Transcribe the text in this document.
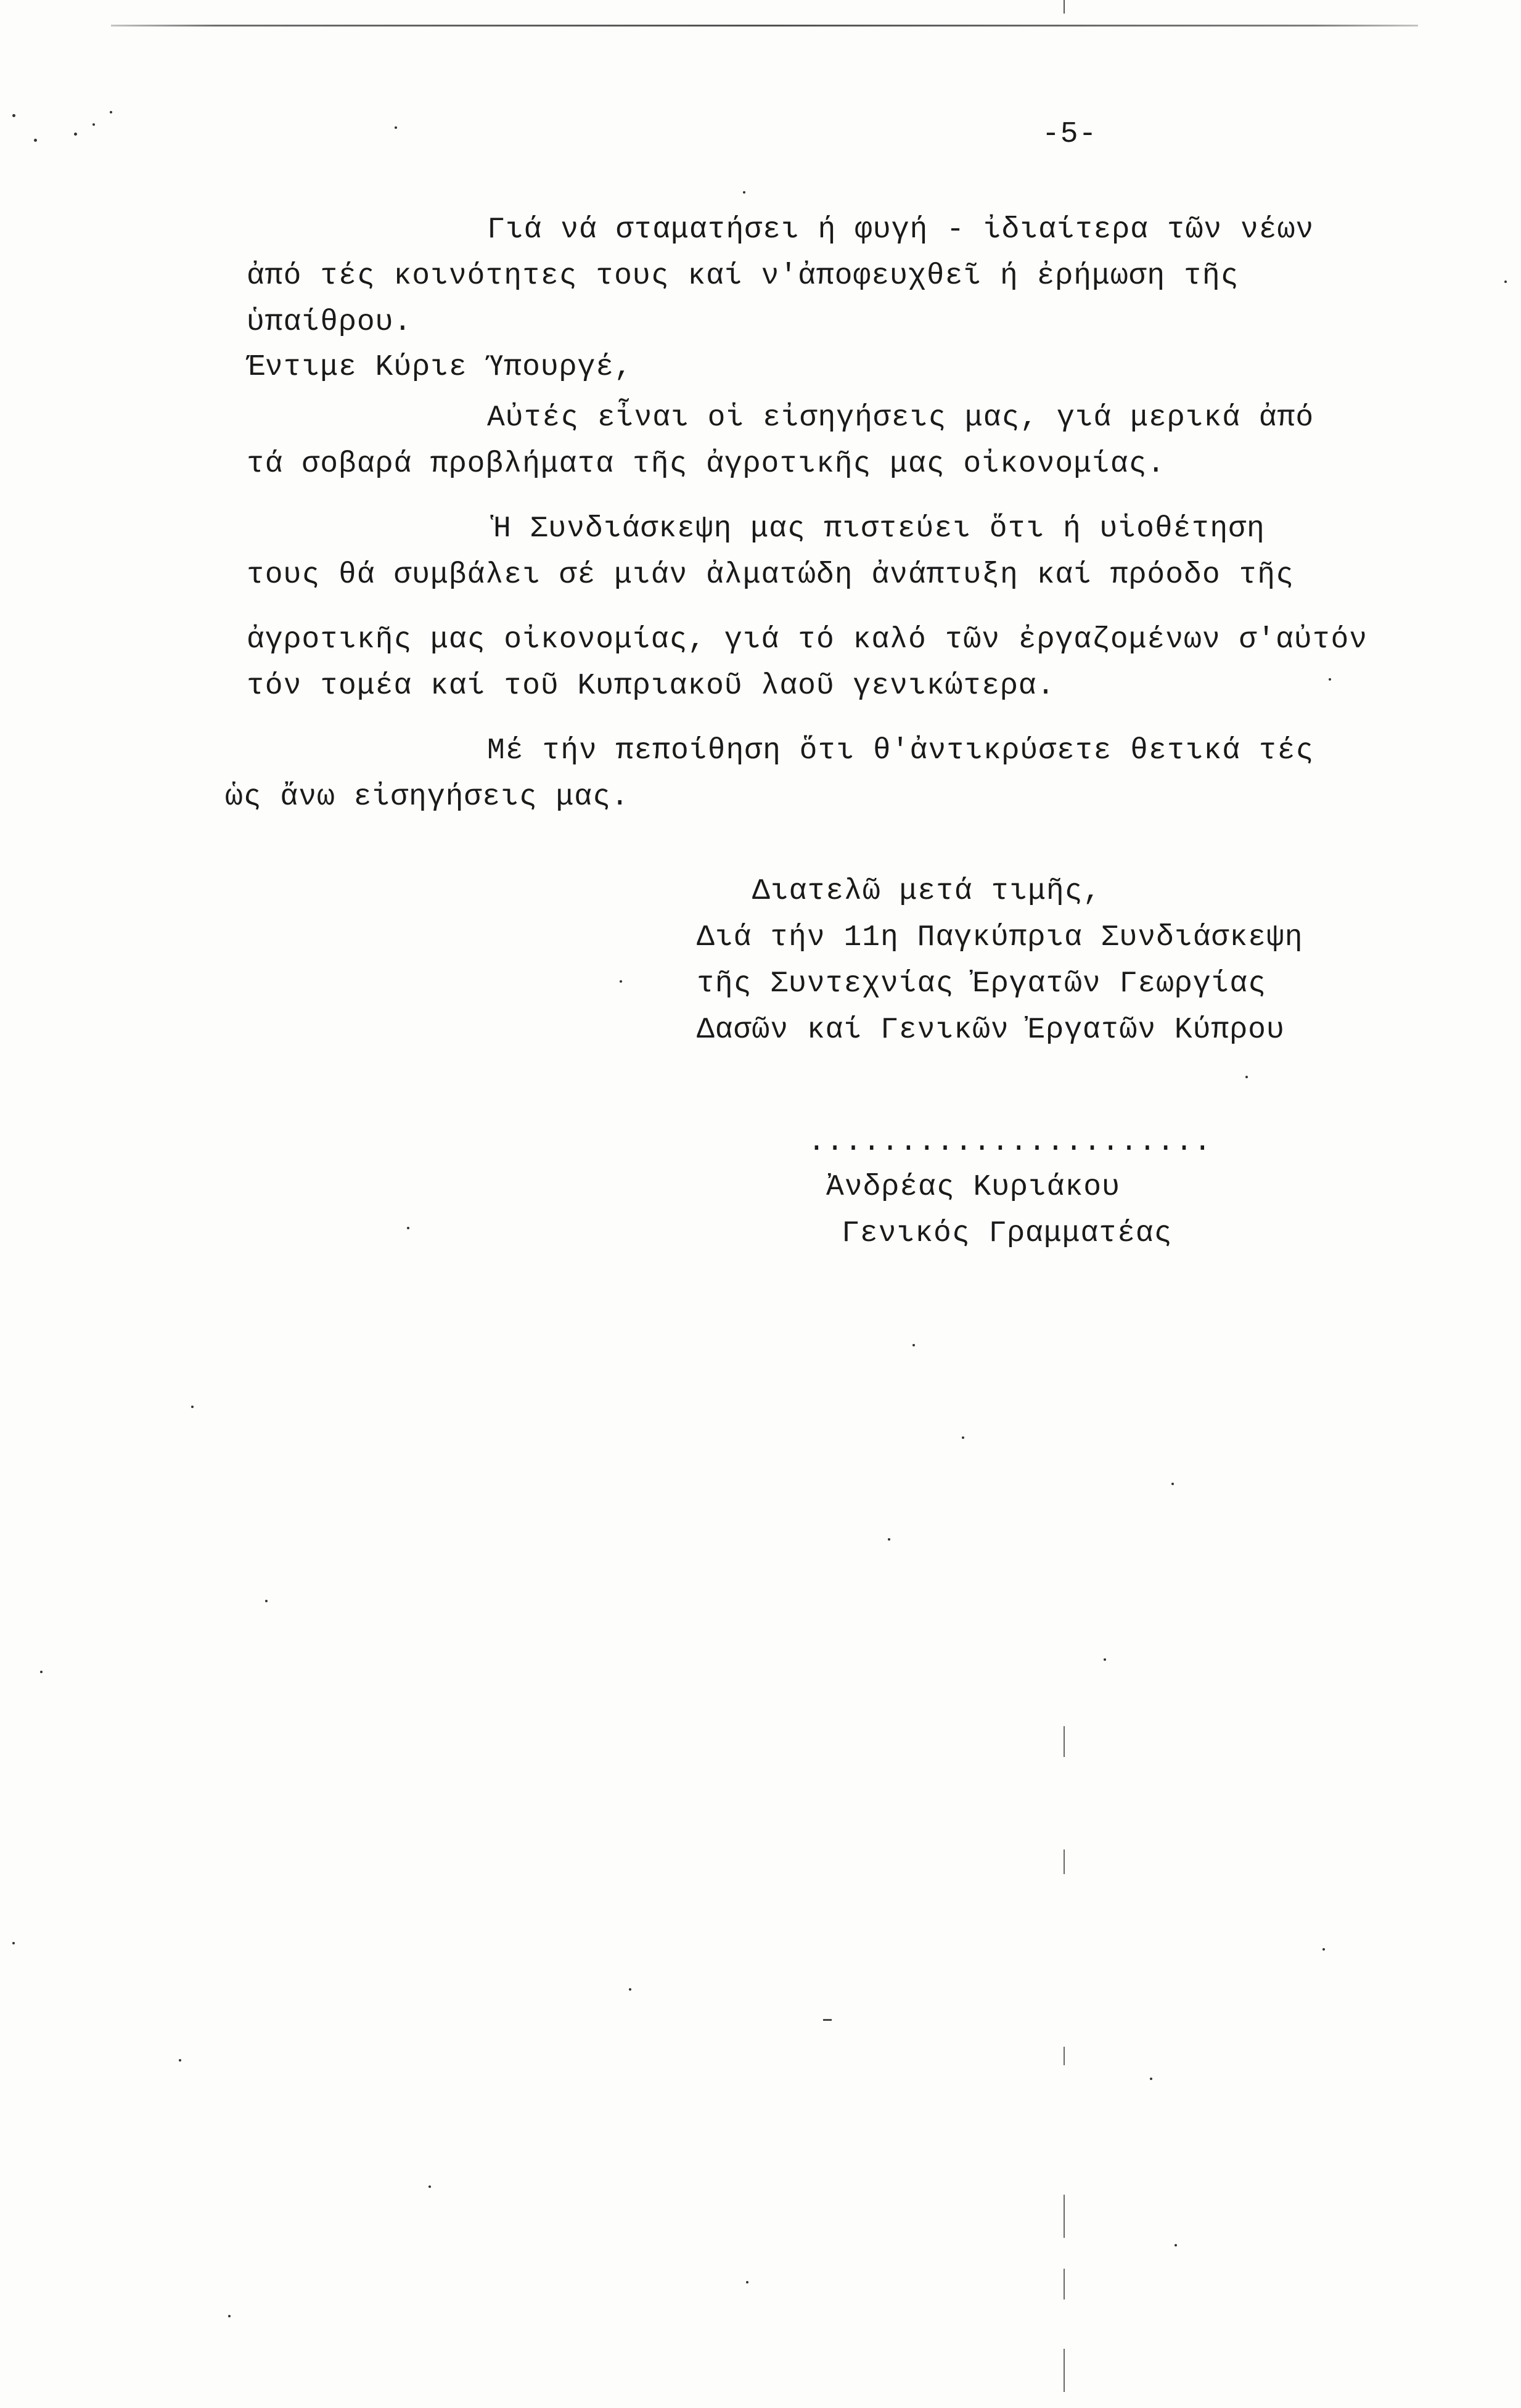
-5-
Γιά νά σταματήσει ή φυγή - ἰδιαίτερα τῶν νέων
ἀπό τές κοινότητες τους καί ν'ἀποφευχθεῖ ή ἐρήμωση τῆς
ὑπαίθρου.
Έντιμε Κύριε Ύπουργέ,
Αὐτές εἶναι οἱ εἰσηγήσεις μας, γιά μερικά ἀπό
τά σοβαρά προβλήματα τῆς ἀγροτικῆς μας οἰκονομίας.
Ἡ Συνδιάσκεψη μας πιστεύει ὅτι ή υἱοθέτηση
τους θά συμβάλει σέ μιάν ἀλματώδη ἀνάπτυξη καί πρόοδο τῆς
ἀγροτικῆς μας οἰκονομίας, γιά τό καλό τῶν ἐργαζομένων σ'αὐτόν
τόν τομέα καί τοῦ Κυπριακοῦ λαοῦ γενικώτερα.
Μέ τήν πεποίθηση ὅτι θ'ἀντικρύσετε θετικά τές
ὡς ἄνω εἰσηγήσεις μας.
Διατελῶ μετά τιμῆς,
Διά τήν 11η Παγκύπρια Συνδιάσκεψη
τῆς Συντεχνίας Ἐργατῶν Γεωργίας
Δασῶν καί Γενικῶν Ἐργατῶν Κύπρου
......................
Ἀνδρέας Κυριάκου
Γενικός Γραμματέας
